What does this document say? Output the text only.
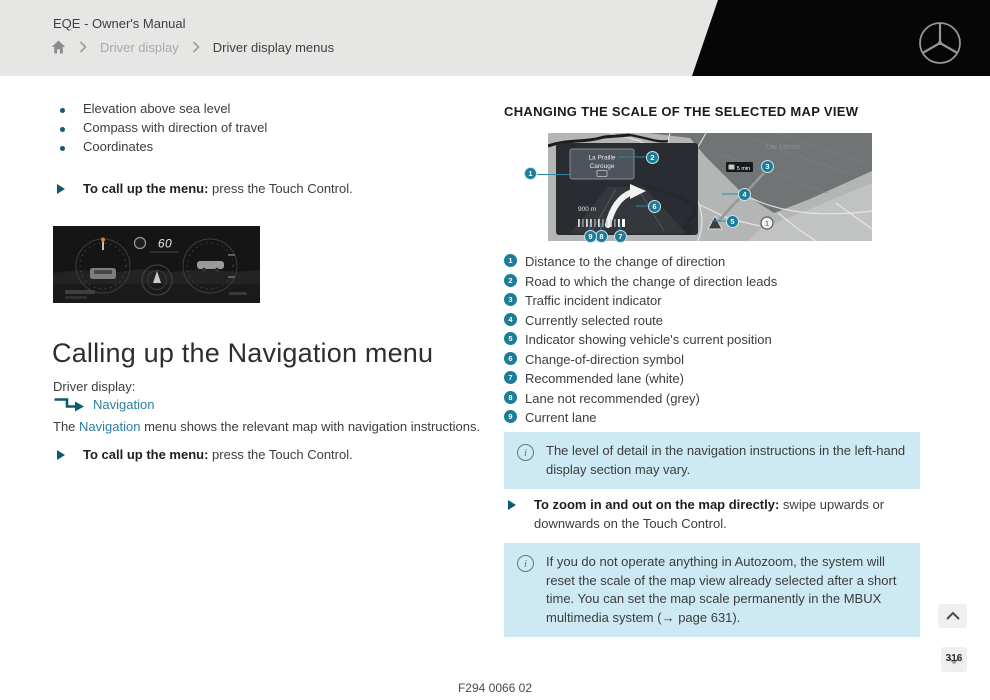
EQE - Owner's Manual
Driver display	Driver display menus
Elevation above sea level
Compass with direction of travel
Coordinates
To call up the menu: press the Touch Control.
60
Calling up the Navigation menu
Driver display:
Navigation

The Navigation menu shows the relevant map with navigation instructions.

To call up the menu: press the Touch Control.
CHANGING THE SCALE OF THE SELECTED MAP VIEW
Lac Léman
5 min
1
La Praille
Carouge
900 m
1
2
3
4
5
6
7
8
9
1 Distance to the change of direction
2 Road to which the change of direction leads
3 Traffic incident indicator
4 Currently selected route
5 Indicator showing vehicle's current position
6 Change-of-direction symbol
7 Recommended lane (white)
8 Lane not recommended (grey)
9 Current lane
i	The level of detail in the navigation instructions in the left-hand display section may vary.
To zoom in and out on the map directly: swipe upwards or downwards on the Touch Control.
i	If you do not operate anything in Autozoom, the system will reset the scale of the map view already selected after a short time. You can set the map scale permanently in the MBUX multimedia system (→ page 631).
F294 0066 02
316
